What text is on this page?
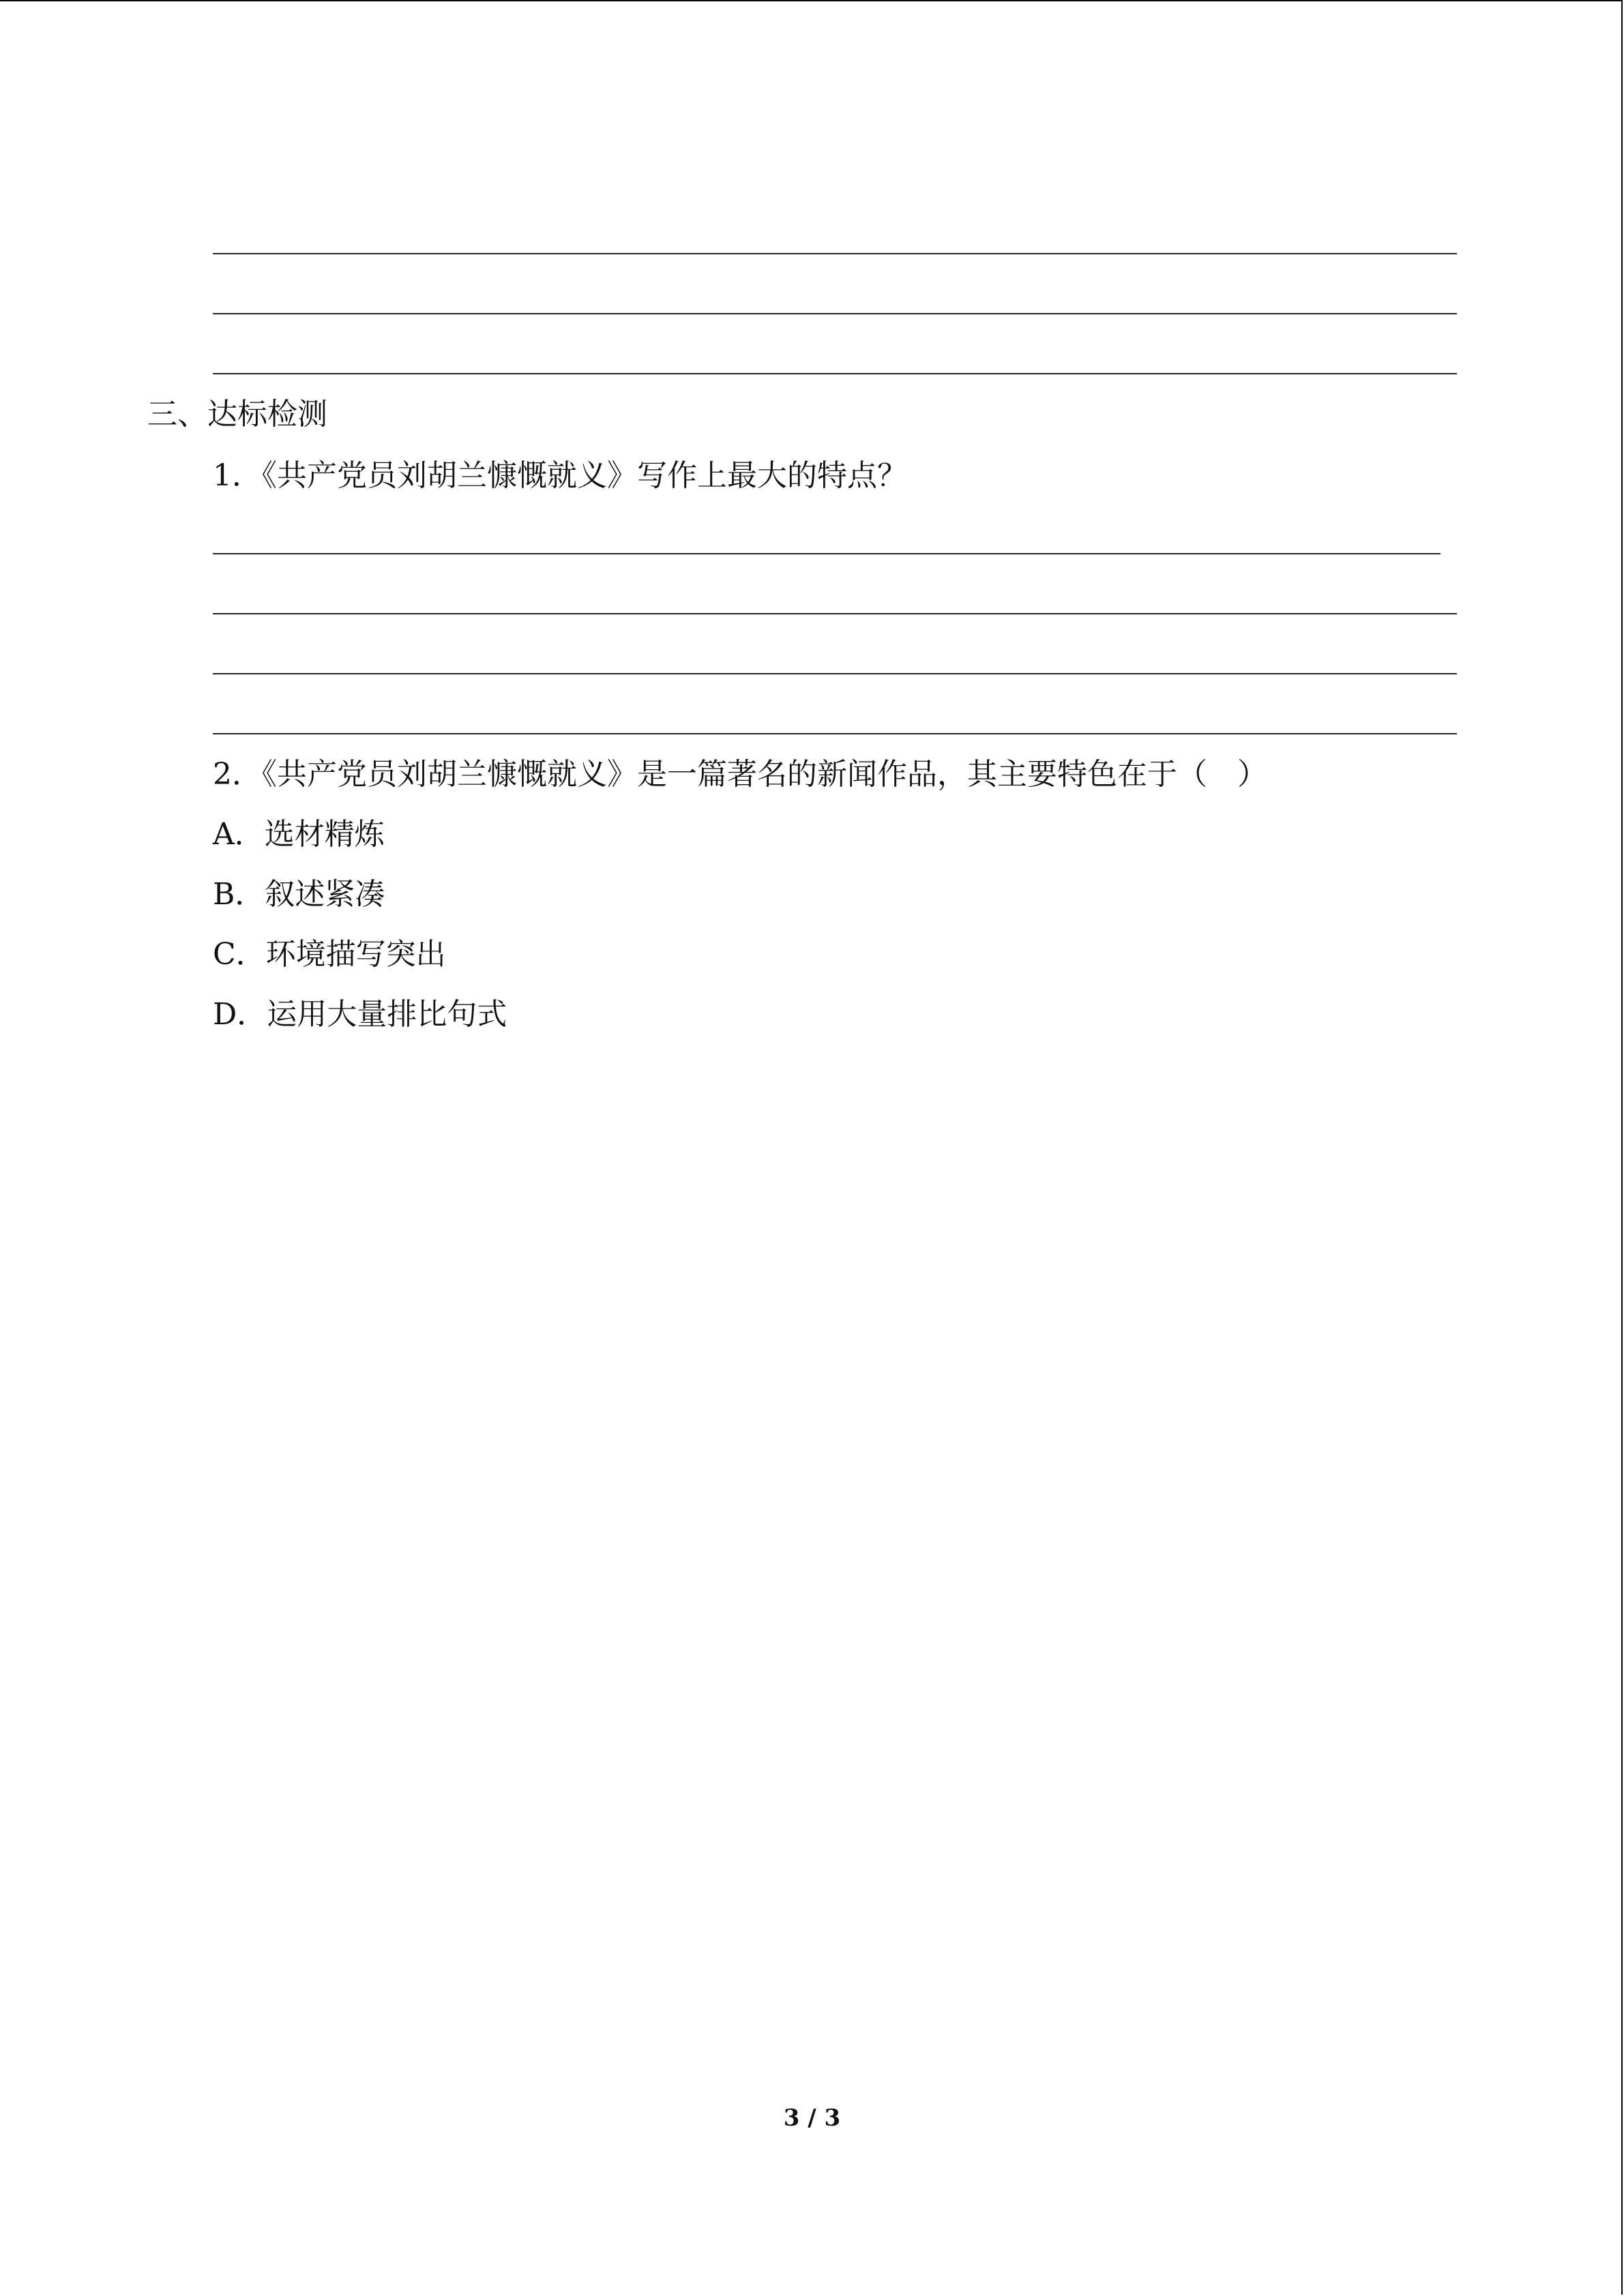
三、达标检测
1．《共产党员刘胡兰慷慨就义》写作上最大的特点？
2．《共产党员刘胡兰慷慨就义》是一篇著名的新闻作品，其主要特色在于（　）
A．选材精炼
B．叙述紧凑
C．环境描写突出
D．运用大量排比句式
3 / 3
